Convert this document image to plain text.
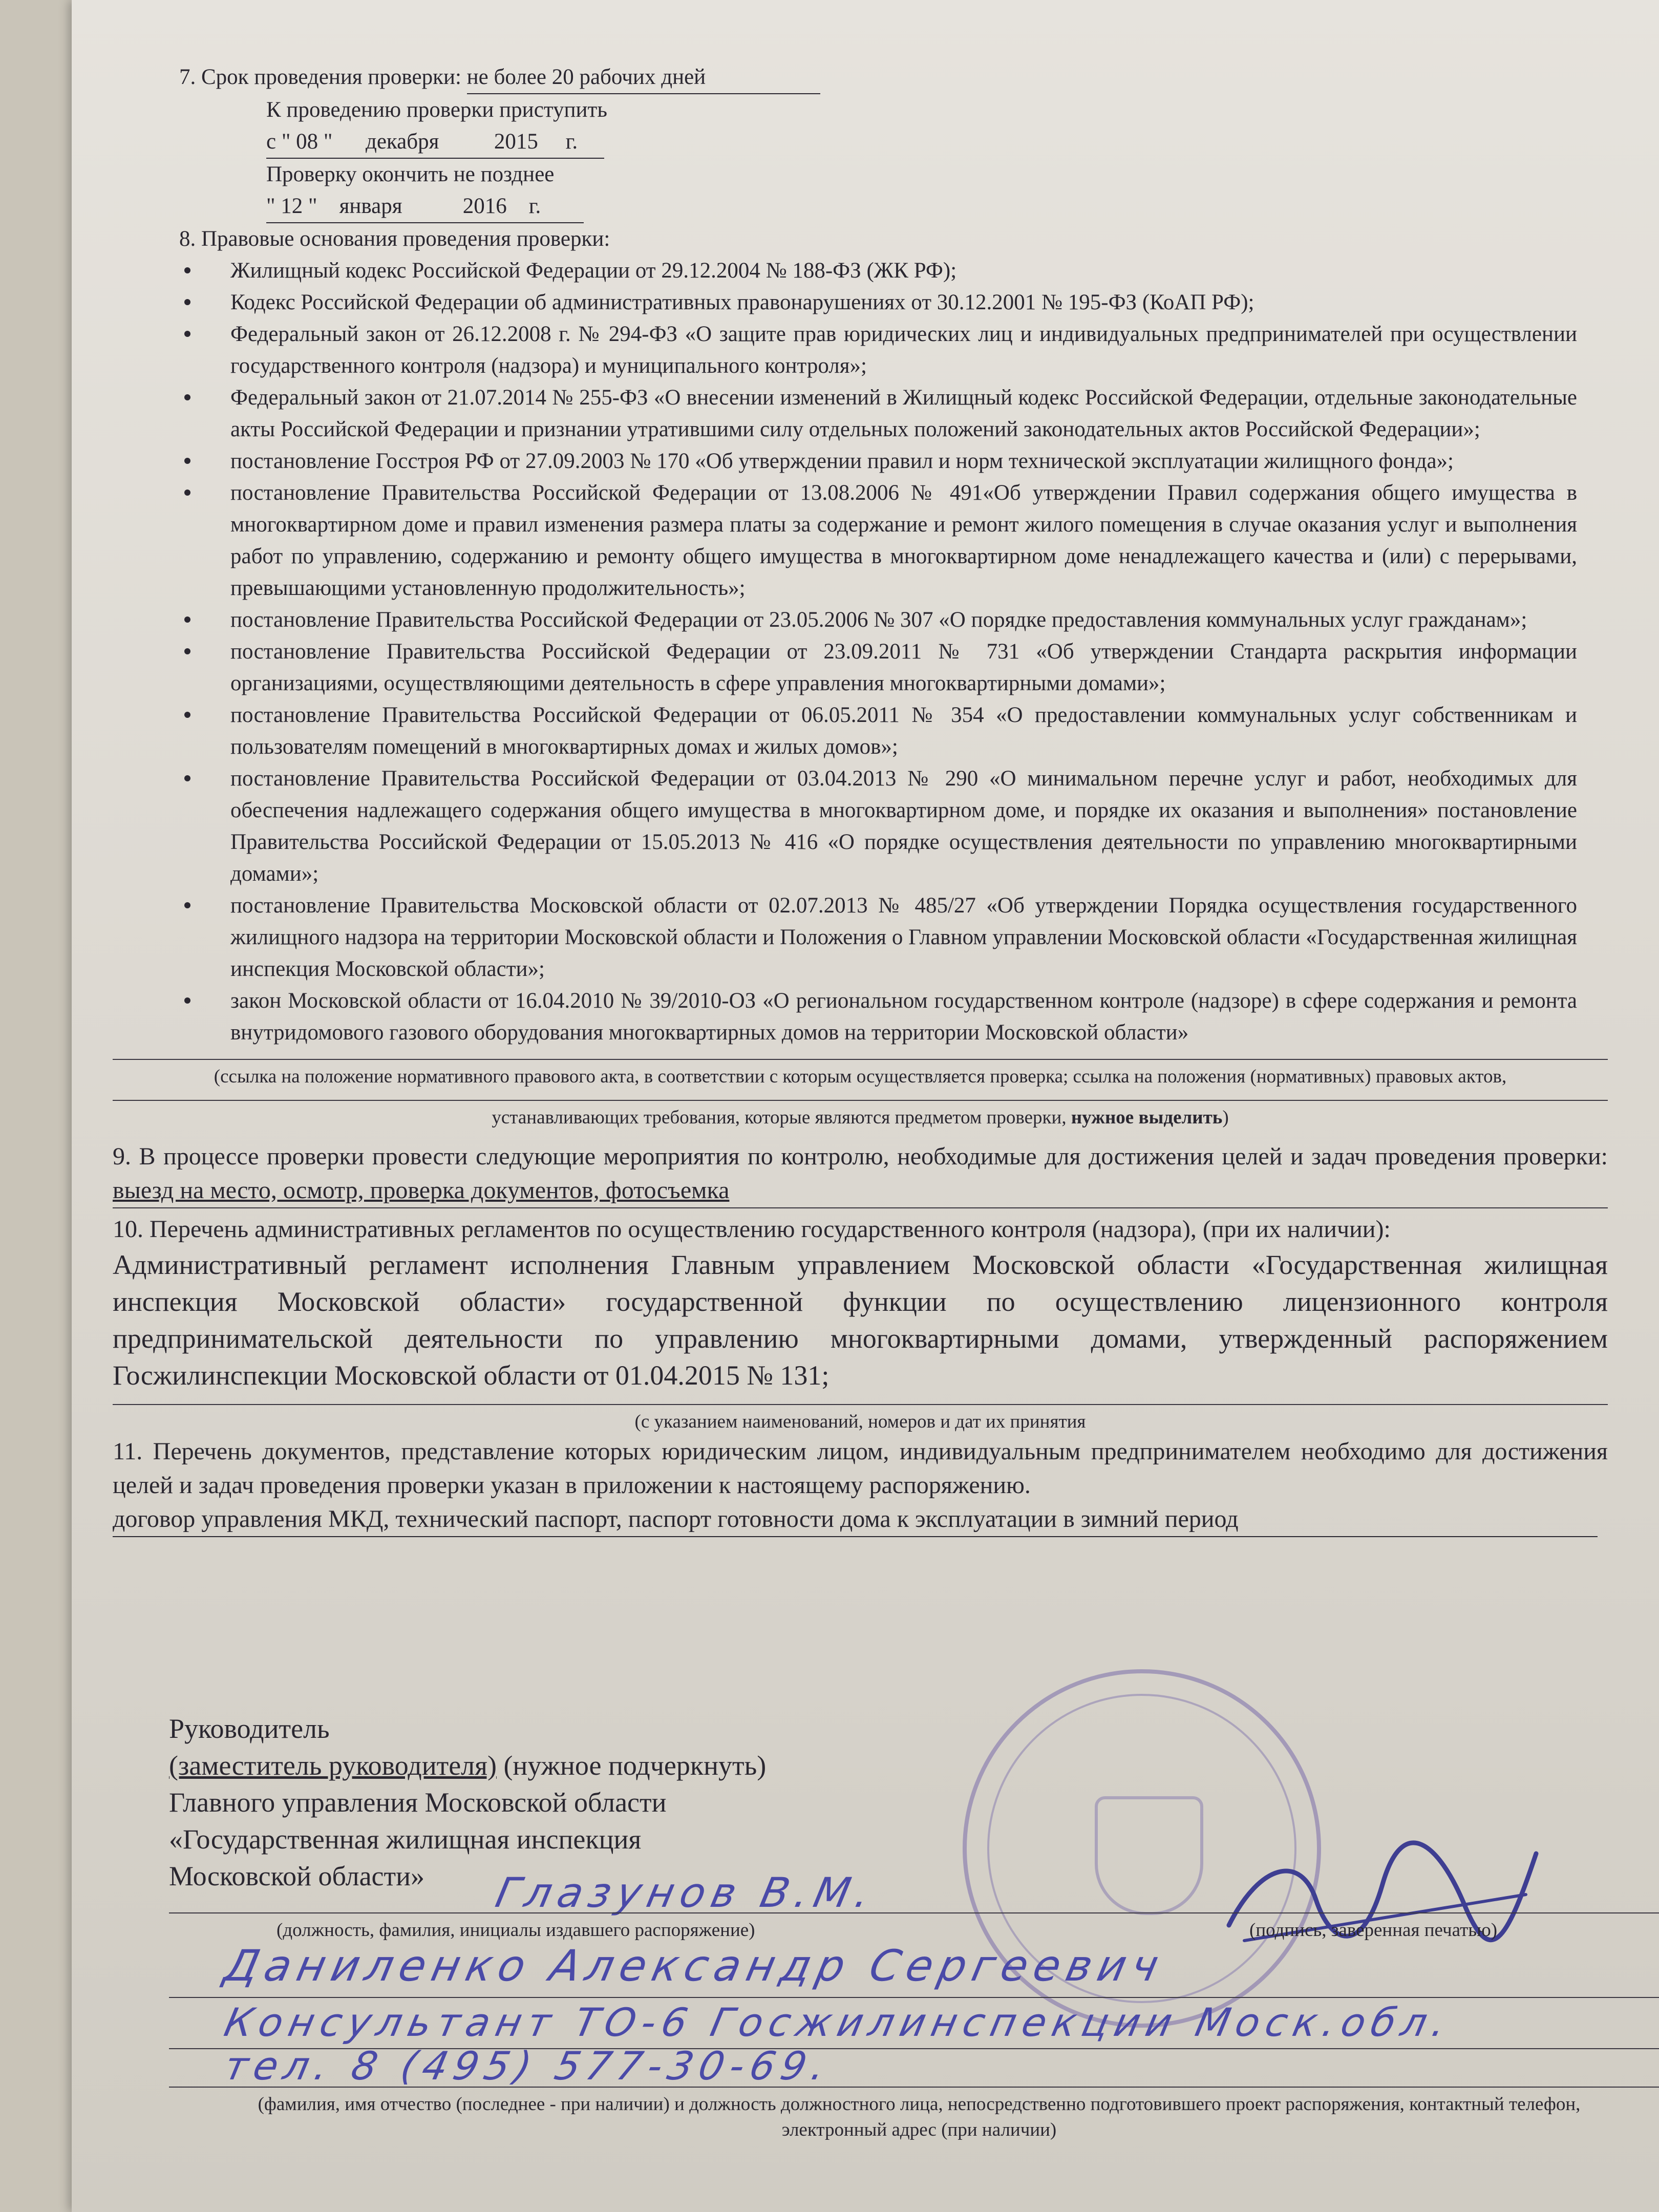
7. Срок проведения проверки: не более 20 рабочих дней
К проведению проверки приступить
с " 08 "      декабря          2015     г.
Проверку окончить не позднее
" 12 "    января           2016    г.
8. Правовые основания проведения проверки:
Жилищный кодекс Российской Федерации от 29.12.2004 № 188-ФЗ (ЖК РФ);
Кодекс Российской Федерации об административных правонарушениях от 30.12.2001 № 195-ФЗ (КоАП РФ);
Федеральный закон от 26.12.2008 г. № 294-ФЗ «О защите прав юридических лиц и индивидуальных предпринимателей при осуществлении государственного контроля (надзора) и муниципального контроля»;
Федеральный закон от 21.07.2014 № 255-ФЗ «О внесении изменений в Жилищный кодекс Российской Федерации, отдельные законодательные акты Российской Федерации и признании утратившими силу отдельных положений законодательных актов Российской Федерации»;
постановление Госстроя РФ от 27.09.2003 № 170 «Об утверждении правил и норм технической эксплуатации жилищного фонда»;
постановление Правительства Российской Федерации от 13.08.2006 № 491«Об утверждении Правил содержания общего имущества в многоквартирном доме и правил изменения размера платы за содержание и ремонт жилого помещения в случае оказания услуг и выполнения работ по управлению, содержанию и ремонту общего имущества в многоквартирном доме ненадлежащего качества и (или) с перерывами, превышающими установленную продолжительность»;
постановление Правительства Российской Федерации от 23.05.2006 № 307 «О порядке предоставления коммунальных услуг гражданам»;
постановление Правительства Российской Федерации от 23.09.2011 № 731 «Об утверждении Стандарта раскрытия информации организациями, осуществляющими деятельность в сфере управления многоквартирными домами»;
постановление Правительства Российской Федерации от 06.05.2011 № 354 «О предоставлении коммунальных услуг собственникам и пользователям помещений в многоквартирных домах и жилых домов»;
постановление Правительства Российской Федерации от 03.04.2013 № 290 «О минимальном перечне услуг и работ, необходимых для обеспечения надлежащего содержания общего имущества в многоквартирном доме, и порядке их оказания и выполнения» постановление Правительства Российской Федерации от 15.05.2013 № 416 «О порядке осуществления деятельности по управлению многоквартирными домами»;
постановление Правительства Московской области от 02.07.2013 № 485/27 «Об утверждении Порядка осуществления государственного жилищного надзора на территории Московской области и Положения о Главном управлении Московской области «Государственная жилищная инспекция Московской области»;
закон Московской области от 16.04.2010 № 39/2010-ОЗ «О региональном государственном контроле (надзоре) в сфере содержания и ремонта внутридомового газового оборудования многоквартирных домов на территории Московской области»
(ссылка на положение нормативного правового акта, в соответствии с которым осуществляется проверка; ссылка на положения (нормативных) правовых актов,
устанавливающих требования, которые являются предметом проверки, нужное выделить)
9. В процессе проверки провести следующие мероприятия по контролю, необходимые для достижения целей и задач проведения проверки: выезд на место, осмотр, проверка документов, фотосъемка
10. Перечень административных регламентов по осуществлению государственного контроля (надзора), (при их наличии):
Административный регламент исполнения Главным управлением Московской области «Государственная жилищная инспекция Московской области» государственной функции по осуществлению лицензионного контроля предпринимательской деятельности по управлению многоквартирными домами, утвержденный распоряжением Госжилинспекции Московской области от 01.04.2015 № 131;
(с указанием наименований, номеров и дат их принятия
11. Перечень документов, представление которых юридическим лицом, индивидуальным предпринимателем необходимо для достижения целей и задач проведения проверки указан в приложении к настоящему распоряжению.
договор управления МКД, технический паспорт, паспорт готовности дома к эксплуатации в зимний период
Руководитель
(заместитель руководителя) (нужное подчеркнуть)
Главного управления Московской области
«Государственная жилищная инспекция
Московской области»	Глазунов В.М.
(должность, фамилия, инициалы издавшего распоряжение)	(подпись, заверенная печатью)
Даниленко Александр Сергеевич
Консультант ТО-6 Госжилинспекции Моск.обл.
тел. 8 (495) 577-30-69.
(фамилия, имя отчество (последнее - при наличии) и должность должностного лица, непосредственно подготовившего проект распоряжения, контактный телефон,
электронный адрес (при наличии)
